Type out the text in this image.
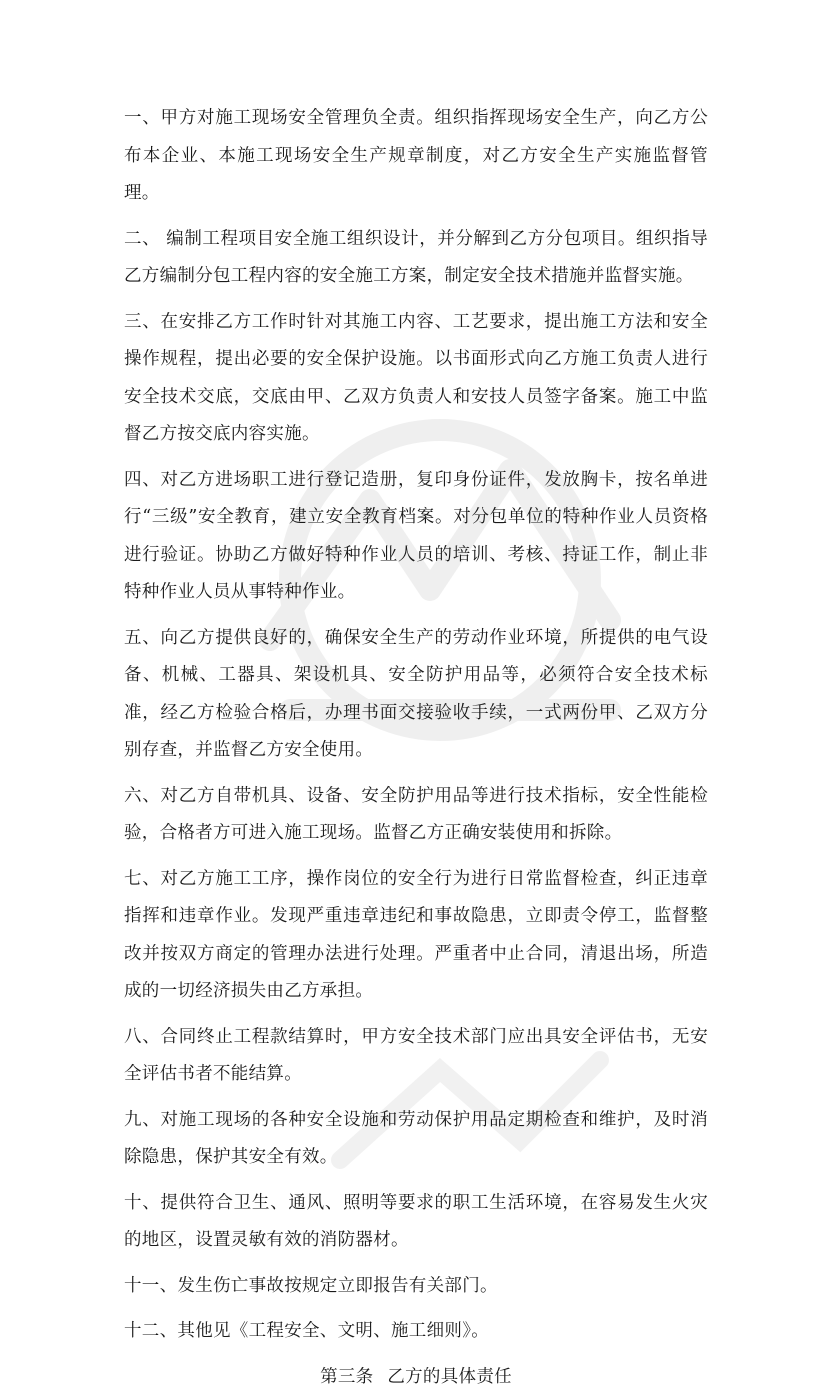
一、甲方对施工现场安全管理负全责。组织指挥现场安全生产，向乙方公布本企业、本施工现场安全生产规章制度，对乙方安全生产实施监督管理。

二、 编制工程项目安全施工组织设计，并分解到乙方分包项目。组织指导乙方编制分包工程内容的安全施工方案，制定安全技术措施并监督实施。

三、在安排乙方工作时针对其施工内容、工艺要求，提出施工方法和安全操作规程，提出必要的安全保护设施。以书面形式向乙方施工负责人进行安全技术交底，交底由甲、乙双方负责人和安技人员签字备案。施工中监督乙方按交底内容实施。

四、对乙方进场职工进行登记造册，复印身份证件，发放胸卡，按名单进行“三级”安全教育，建立安全教育档案。对分包单位的特种作业人员资格进行验证。协助乙方做好特种作业人员的培训、考核、持证工作，制止非特种作业人员从事特种作业。

五、向乙方提供良好的，确保安全生产的劳动作业环境，所提供的电气设备、机械、工器具、架设机具、安全防护用品等，必须符合安全技术标准，经乙方检验合格后，办理书面交接验收手续，一式两份甲、乙双方分别存查，并监督乙方安全使用。

六、对乙方自带机具、设备、安全防护用品等进行技术指标，安全性能检验，合格者方可进入施工现场。监督乙方正确安装使用和拆除。

七、对乙方施工工序，操作岗位的安全行为进行日常监督检查，纠正违章指挥和违章作业。发现严重违章违纪和事故隐患，立即责令停工，监督整改并按双方商定的管理办法进行处理。严重者中止合同，清退出场，所造成的一切经济损失由乙方承担。

八、合同终止工程款结算时，甲方安全技术部门应出具安全评估书，无安全评估书者不能结算。

九、对施工现场的各种安全设施和劳动保护用品定期检查和维护，及时消除隐患，保护其安全有效。

十、提供符合卫生、通风、照明等要求的职工生活环境，在容易发生火灾的地区，设置灵敏有效的消防器材。

十一、发生伤亡事故按规定立即报告有关部门。

十二、其他见《工程安全、文明、施工细则》。

第三条 乙方的具体责任
